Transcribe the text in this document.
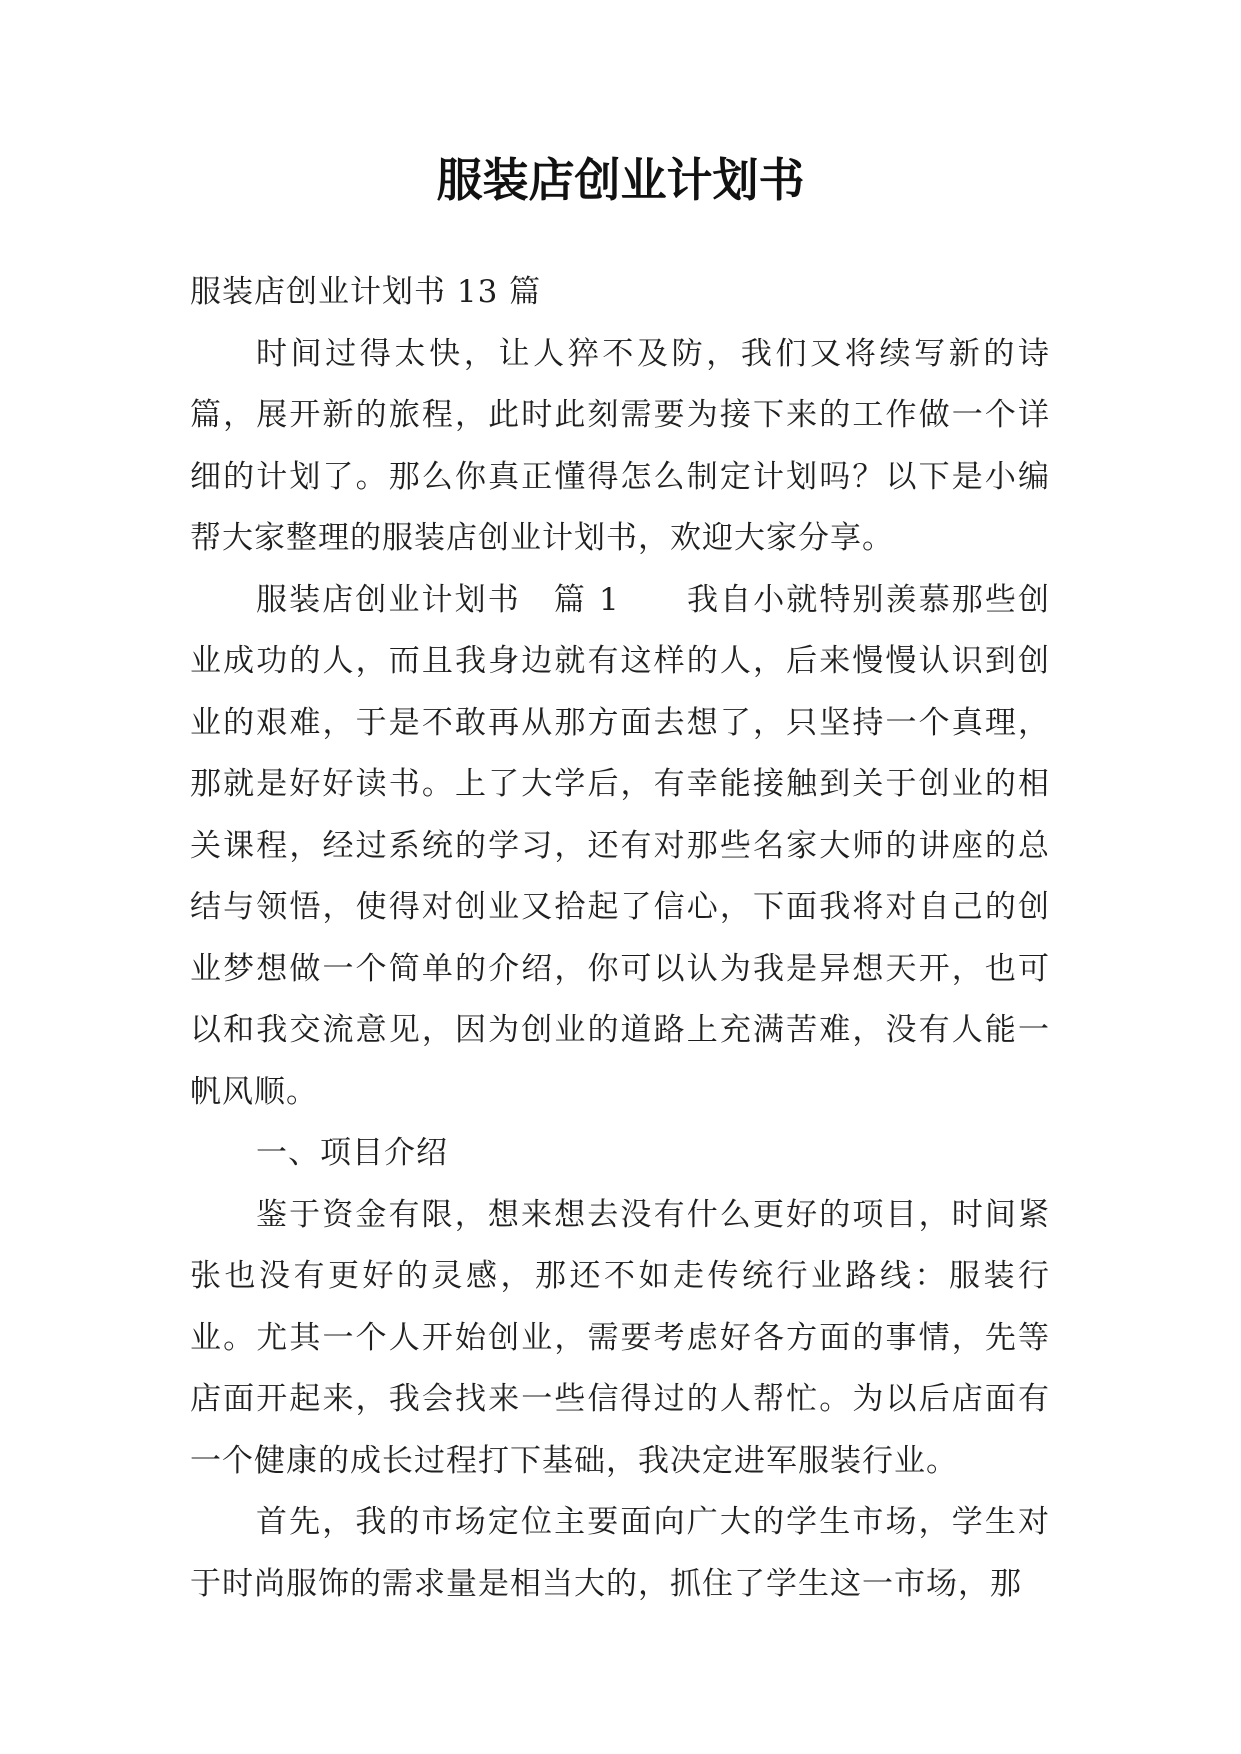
服装店创业计划书

服装店创业计划书 13 篇

时间过得太快，让人猝不及防，我们又将续写新的诗篇，展开新的旅程，此时此刻需要为接下来的工作做一个详细的计划了。那么你真正懂得怎么制定计划吗？以下是小编帮大家整理的服装店创业计划书，欢迎大家分享。

服装店创业计划书　篇 1　　我自小就特别羡慕那些创业成功的人，而且我身边就有这样的人，后来慢慢认识到创业的艰难，于是不敢再从那方面去想了，只坚持一个真理，那就是好好读书。上了大学后，有幸能接触到关于创业的相关课程，经过系统的学习，还有对那些名家大师的讲座的总结与领悟，使得对创业又拾起了信心，下面我将对自己的创业梦想做一个简单的介绍，你可以认为我是异想天开，也可以和我交流意见，因为创业的道路上充满苦难，没有人能一帆风顺。

一、项目介绍

鉴于资金有限，想来想去没有什么更好的项目，时间紧张也没有更好的灵感，那还不如走传统行业路线：服装行业。尤其一个人开始创业，需要考虑好各方面的事情，先等店面开起来，我会找来一些信得过的人帮忙。为以后店面有一个健康的成长过程打下基础，我决定进军服装行业。

首先，我的市场定位主要面向广大的学生市场，学生对于时尚服饰的需求量是相当大的，抓住了学生这一市场，那
